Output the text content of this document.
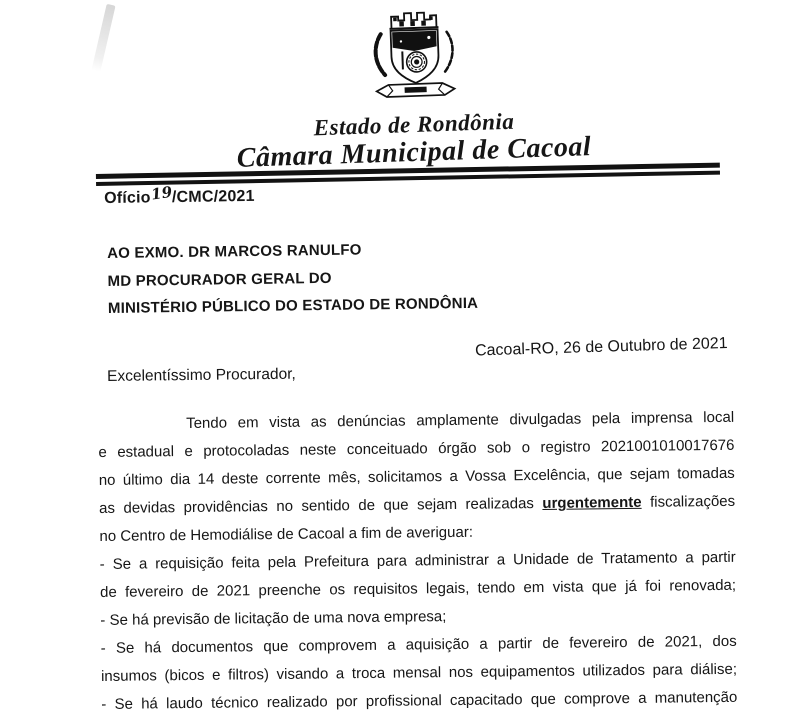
Estado de Rondônia
Câmara Municipal de Cacoal
Ofício19/CMC/2021
AO EXMO. DR MARCOS RANULFO
MD PROCURADOR GERAL DO
MINISTÉRIO PÚBLICO DO ESTADO DE RONDÔNIA
Cacoal-RO, 26 de Outubro de 2021
Excelentíssimo Procurador,
Tendo em vista as denúncias amplamente divulgadas pela imprensa local
e estadual e protocoladas neste conceituado órgão sob o registro 2021001010017676
no último dia 14 deste corrente mês, solicitamos a Vossa Excelência, que sejam tomadas
as devidas providências no sentido de que sejam realizadas urgentemente fiscalizações
no Centro de Hemodiálise de Cacoal a fim de averiguar:
- Se a requisição feita pela Prefeitura para administrar a Unidade de Tratamento a partir
de fevereiro de 2021 preenche os requisitos legais, tendo em vista que já foi renovada;
- Se há previsão de licitação de uma nova empresa;
- Se há documentos que comprovem a aquisição a partir de fevereiro de 2021, dos
insumos (bicos e filtros) visando a troca mensal nos equipamentos utilizados para diálise;
- Se há laudo técnico realizado por profissional capacitado que comprove a manutenção
